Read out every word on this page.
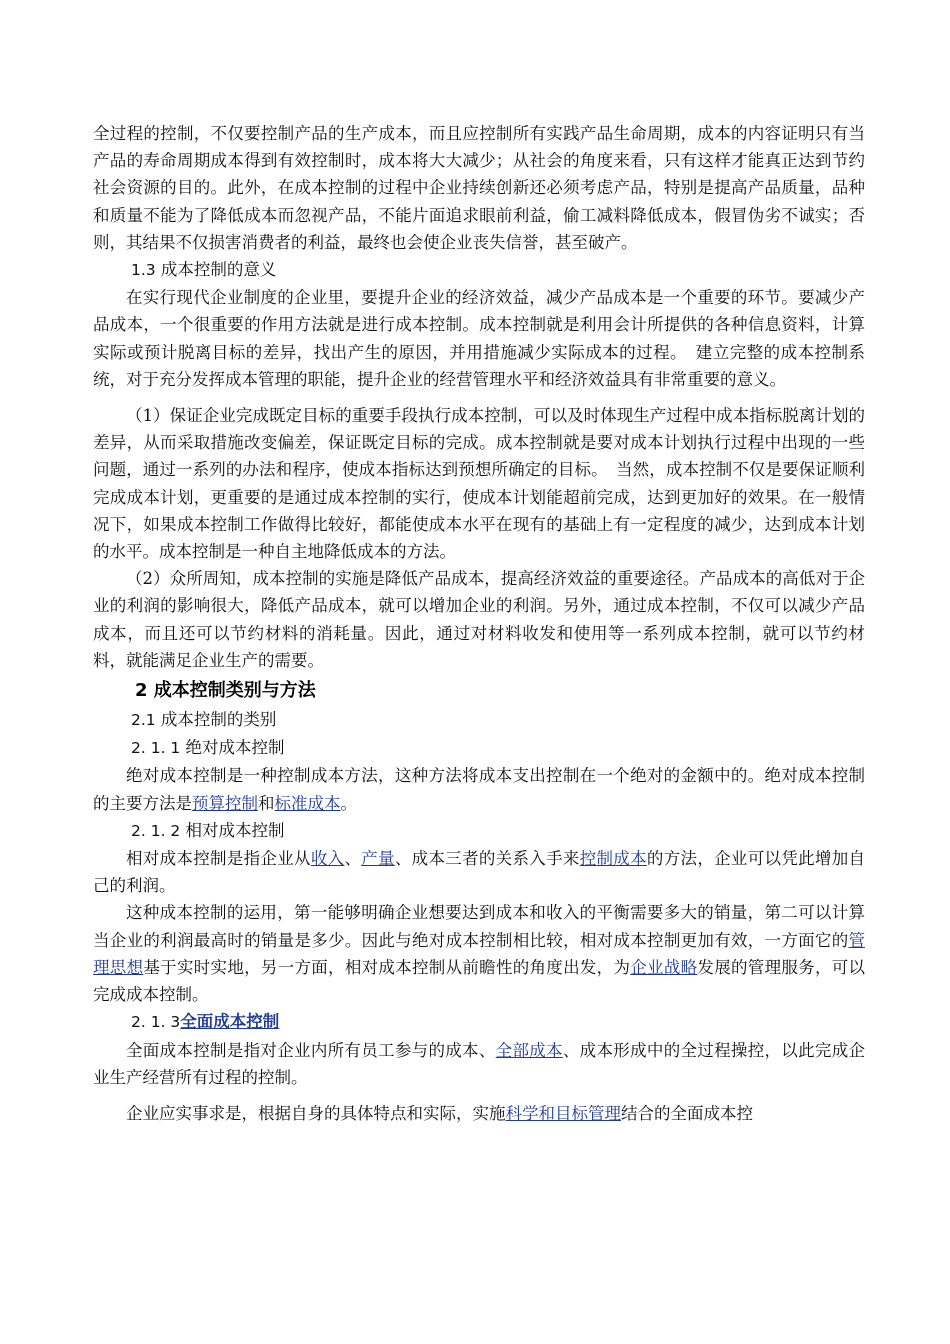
全过程的控制，不仅要控制产品的生产成本，而且应控制所有实践产品生命周期，成本的内容证明只有当产品的寿命周期成本得到有效控制时，成本将大大减少；从社会的角度来看，只有这样才能真正达到节约社会资源的目的。此外，在成本控制的过程中企业持续创新还必须考虑产品，特别是提高产品质量，品种和质量不能为了降低成本而忽视产品，不能片面追求眼前利益，偷工减料降低成本，假冒伪劣不诚实；否则，其结果不仅损害消费者的利益，最终也会使企业丧失信誉，甚至破产。

1.3 成本控制的意义

在实行现代企业制度的企业里，要提升企业的经济效益，减少产品成本是一个重要的环节。要减少产品成本，一个很重要的作用方法就是进行成本控制。成本控制就是利用会计所提供的各种信息资料，计算实际或预计脱离目标的差异，找出产生的原因，并用措施减少实际成本的过程。　建立完整的成本控制系统，对于充分发挥成本管理的职能，提升企业的经营管理水平和经济效益具有非常重要的意义。

（1）保证企业完成既定目标的重要手段执行成本控制，可以及时体现生产过程中成本指标脱离计划的差异，从而采取措施改变偏差，保证既定目标的完成。成本控制就是要对成本计划执行过程中出现的一些问题，通过一系列的办法和程序，使成本指标达到预想所确定的目标。　当然，成本控制不仅是要保证顺利完成成本计划，更重要的是通过成本控制的实行，使成本计划能超前完成，达到更加好的效果。在一般情况下，如果成本控制工作做得比较好，都能使成本水平在现有的基础上有一定程度的减少，达到成本计划的水平。成本控制是一种自主地降低成本的方法。

（2）众所周知，成本控制的实施是降低产品成本，提高经济效益的重要途径。产品成本的高低对于企业的利润的影响很大，降低产品成本，就可以增加企业的利润。另外，通过成本控制，不仅可以减少产品成本，而且还可以节约材料的消耗量。因此，通过对材料收发和使用等一系列成本控制，就可以节约材料，就能满足企业生产的需要。

2 成本控制类别与方法

2.1 成本控制的类别

2. 1. 1 绝对成本控制

绝对成本控制是一种控制成本方法，这种方法将成本支出控制在一个绝对的金额中的。绝对成本控制的主要方法是预算控制和标准成本。

2. 1. 2 相对成本控制

相对成本控制是指企业从收入、产量、成本三者的关系入手来控制成本的方法，企业可以凭此增加自己的利润。

这种成本控制的运用，第一能够明确企业想要达到成本和收入的平衡需要多大的销量，第二可以计算当企业的利润最高时的销量是多少。因此与绝对成本控制相比较，相对成本控制更加有效，一方面它的管理思想基于实时实地，另一方面，相对成本控制从前瞻性的角度出发，为企业战略发展的管理服务，可以完成成本控制。

2. 1. 3全面成本控制

全面成本控制是指对企业内所有员工参与的成本、全部成本、成本形成中的全过程操控，以此完成企业生产经营所有过程的控制。

企业应实事求是，根据自身的具体特点和实际，实施科学和目标管理结合的全面成本控
